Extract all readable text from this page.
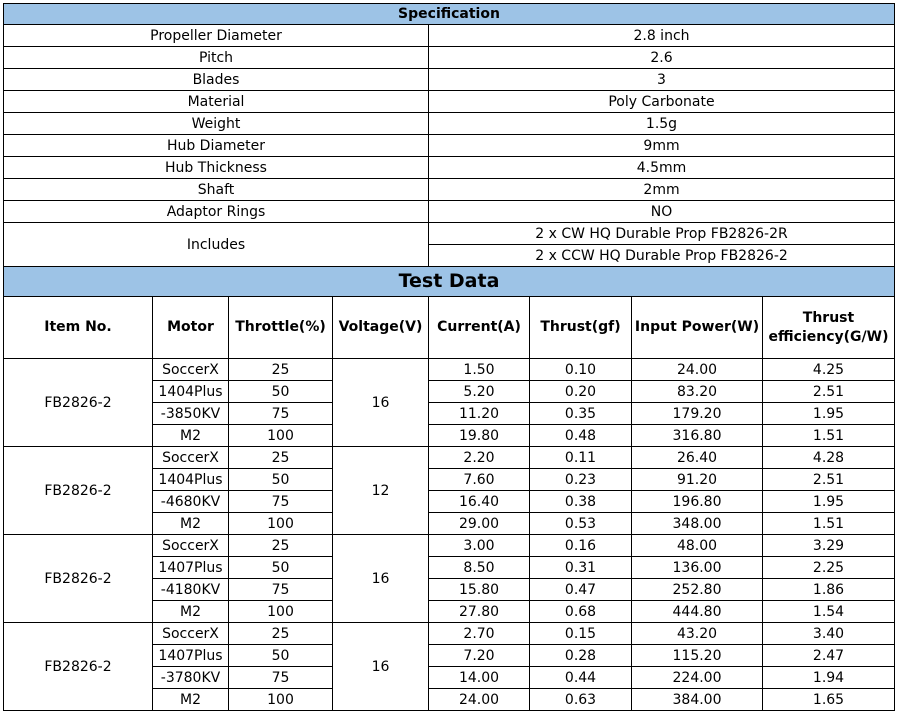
Specification							
Propeller Diameter				2.8 inch			
Pitch				2.6			
Blades				3			
Material				Poly Carbonate			
Weight				1.5g			
Hub Diameter				9mm			
Hub Thickness				4.5mm			
Shaft				2mm			
Adaptor Rings				NO			
Includes				2 x CW HQ Durable Prop FB2826-2R			
				2 x CCW HQ Durable Prop FB2826-2			
Test Data							
Item No.	Motor	Throttle(%)	Voltage(V)	Current(A)	Thrust(gf)	Input Power(W)	Thrust efficiency(G/W)
FB2826-2	SoccerX	25	16	1.50	0.10	24.00	4.25
	1404Plus	50		5.20	0.20	83.20	2.51
	-3850KV	75		11.20	0.35	179.20	1.95
	M2	100		19.80	0.48	316.80	1.51
FB2826-2	SoccerX	25	12	2.20	0.11	26.40	4.28
	1404Plus	50		7.60	0.23	91.20	2.51
	-4680KV	75		16.40	0.38	196.80	1.95
	M2	100		29.00	0.53	348.00	1.51
FB2826-2	SoccerX	25	16	3.00	0.16	48.00	3.29
	1407Plus	50		8.50	0.31	136.00	2.25
	-4180KV	75		15.80	0.47	252.80	1.86
	M2	100		27.80	0.68	444.80	1.54
FB2826-2	SoccerX	25	16	2.70	0.15	43.20	3.40
	1407Plus	50		7.20	0.28	115.20	2.47
	-3780KV	75		14.00	0.44	224.00	1.94
	M2	100		24.00	0.63	384.00	1.65
